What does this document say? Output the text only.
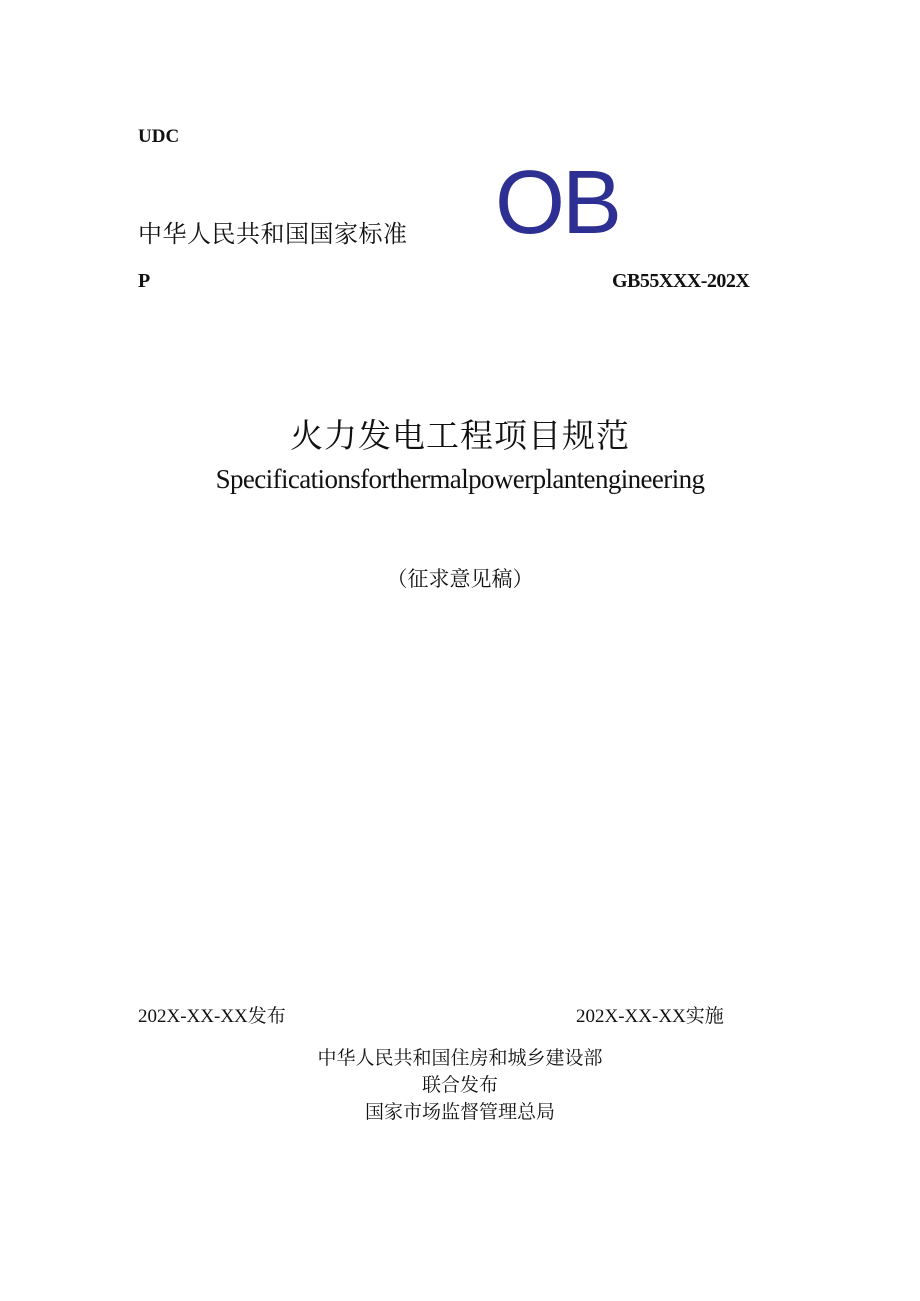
UDC
中华人民共和国国家标准 OB
P	GB55XXX-202X
火力发电工程项目规范
Specificationsforthermalpowerplantengineering
（征求意见稿）
202X-XX-XX发布	202X-XX-XX实施
中华人民共和国住房和城乡建设部
联合发布
国家市场监督管理总局
